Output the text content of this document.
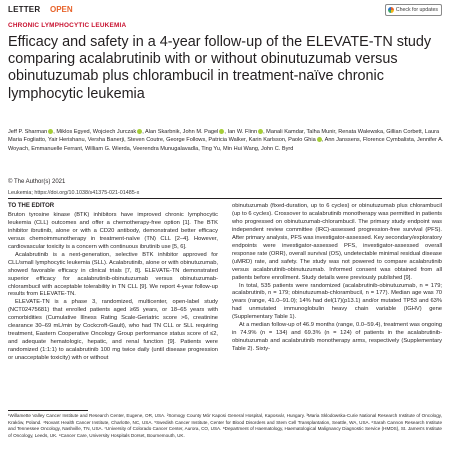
LETTER OPEN	Check for updates
CHRONIC LYMPHOCYTIC LEUKEMIA
Efficacy and safety in a 4-year follow-up of the ELEVATE-TN study comparing acalabrutinib with or without obinutuzumab versus obinutuzumab plus chlorambucil in treatment-naïve chronic lymphocytic leukemia
Jeff P. Sharman , Miklos Egyed, Wojciech Jurczak , Alan Skarbnik, John M. Pagel , Ian W. Flinn , Manali Kamdar, Talha Munir, Renata Walewska, Gillian Corbett, Laura Maria Fogliatto, Yair Herishanu, Versha Banerji, Steven Coutre, George Follows, Patricia Walker, Karin Karlsson, Paolo Ghia , Ann Janssens, Florence Cymbalista, Jennifer A. Woyach, Emmanuelle Ferrant, William G. Wierda, Veerendra Munugalavadla, Ting Yu, Min Hui Wang, John C. Byrd
© The Author(s) 2021
Leukemia; https://doi.org/10.1038/s41375-021-01485-x
TO THE EDITOR

Bruton tyrosine kinase (BTK) inhibitors have improved chronic lymphocytic leukemia (CLL) outcomes and offer a chemotherapy-free option [1]. The BTK inhibitor ibrutinib, alone or with a CD20 antibody, demonstrated better efficacy versus chemoimmunotherapy in treatment-naïve (TN) CLL [2–4]. However, cardiovascular toxicity is a concern with continuous ibrutinib use [5, 6].

Acalabrutinib is a next-generation, selective BTK inhibitor approved for CLL/small lymphocytic leukemia (SLL). Acalabrutinib, alone or with obinutuzumab, showed favorable efficacy in clinical trials [7, 8]. ELEVATE-TN demonstrated superior efficacy for acalabrutinib-obinutuzumab versus obinutuzumab-chlorambucil with acceptable tolerability in TN CLL [9]. We report 4-year follow-up results from ELEVATE-TN.

ELEVATE-TN is a phase 3, randomized, multicenter, open-label study (NCT02475681) that enrolled patients aged ≥65 years, or 18–65 years with comorbidities (Cumulative Illness Rating Scale-Geriatric score >6, creatinine clearance 30–69 mL/min by Cockcroft-Gault), who had TN CLL or SLL requiring treatment, Eastern Cooperative Oncology Group performance status score of ≤2, and adequate hematologic, hepatic, and renal function [9]. Patients were randomized (1:1:1) to acalabrutinib 100 mg twice daily (until disease progression or unacceptable toxicity) with or without

obinutuzumab (fixed-duration, up to 6 cycles) or obinutuzumab plus chlorambucil (up to 6 cycles). Crossover to acalabrutinib monotherapy was permitted in patients who progressed on obinutuzumab-chlorambucil. The primary study endpoint was independent review committee (IRC)-assessed progression-free survival (PFS). After primary analysis, PFS was investigator-assessed. Key secondary/exploratory endpoints were investigator-assessed PFS, investigator-assessed overall response rate (ORR), overall survival (OS), undetectable minimal residual disease (uMRD) rate, and safety. The study was not powered to compare acalabrutinib versus acalabrutinib-obinutuzumab. Informed consent was obtained from all patients before enrollment. Study details were previously published [9].

In total, 535 patients were randomized (acalabrutinib-obinutuzumab, n = 179; acalabrutinib, n = 179; obinutuzumab-chlorambucil, n = 177). Median age was 70 years (range, 41.0–91.0); 14% had del(17)(p13.1) and/or mutated TP53 and 63% had unmutated immunoglobulin heavy chain variable (IGHV) gene (Supplementary Table 1).

At a median follow-up of 46.9 months (range, 0.0–59.4), treatment was ongoing in 74.9% (n = 134) and 69.3% (n = 124) of patients in the acalabrutinib-obinutuzumab and acalabrutinib monotherapy arms, respectively (Supplementary Table 2). Sixty-

¹Willamette Valley Cancer Institute and Research Center, Eugene, OR, USA. ²Somogy County Mór Kaposi General Hospital, Kaposvár, Hungary. ³Maria Sklodowska-Curie National Research Institute of Oncology, Kraków, Poland. ⁴Novant Health Cancer Institute, Charlotte, NC, USA. ⁵Swedish Cancer Institute, Center for Blood Disorders and Stem Cell Transplantation, Seattle, WA, USA. ⁶Sarah Cannon Research Institute and Tennessee Oncology, Nashville, TN, USA. ⁷University of Colorado Cancer Center, Aurora, CO, USA. ⁸Department of Haematology, Haematological Malignancy Diagnostic Service (HMDS), St. James's Institute of Oncology, Leeds, UK. ⁹Cancer Care, University Hospitals Dorset, Bournemouth, UK.
